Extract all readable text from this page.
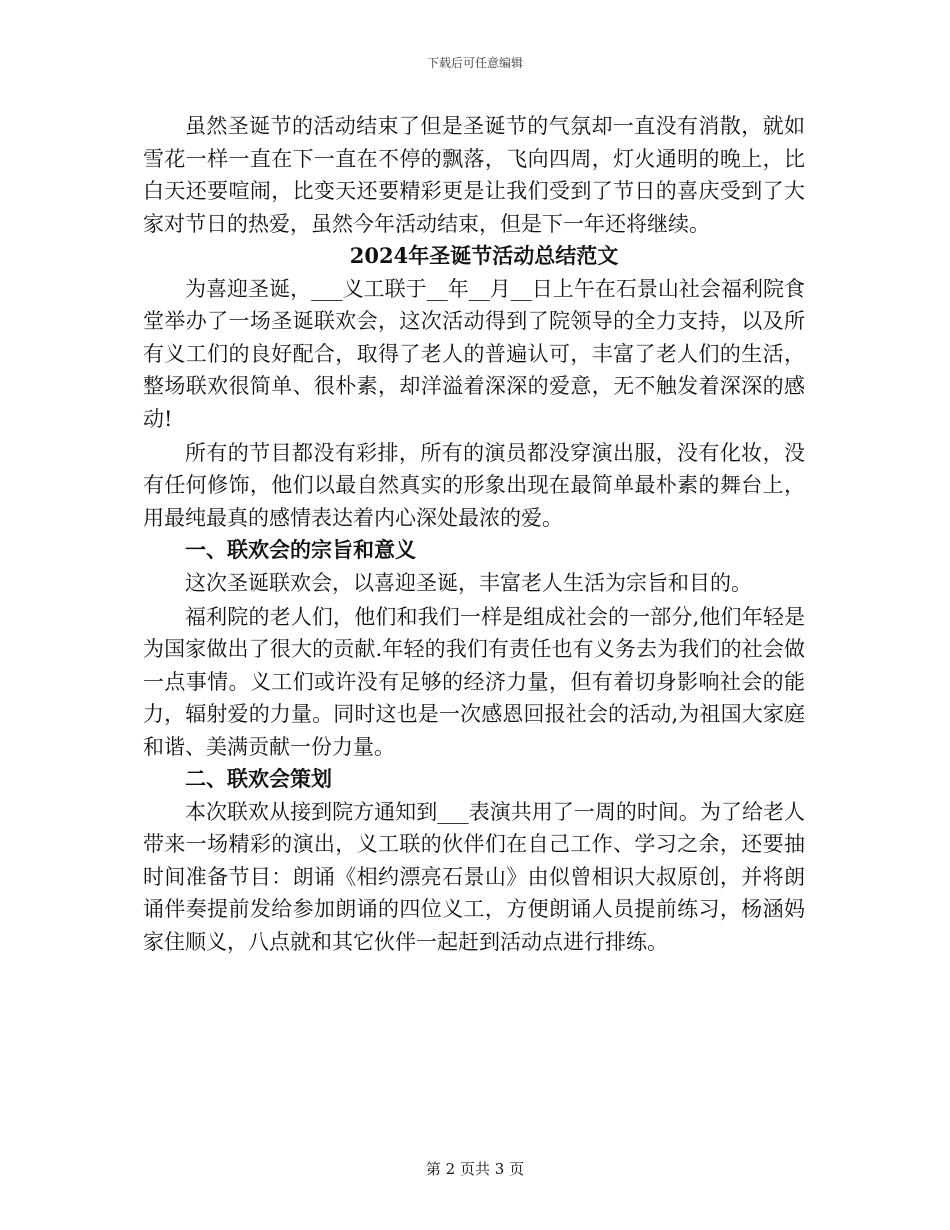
下载后可任意编辑

虽然圣诞节的活动结束了但是圣诞节的气氛却一直没有消散，就如雪花一样一直在下一直在不停的飘落，飞向四周，灯火通明的晚上，比白天还要喧闹，比变天还要精彩更是让我们受到了节日的喜庆受到了大家对节日的热爱，虽然今年活动结束，但是下一年还将继续。

2024年圣诞节活动总结范文

为喜迎圣诞，___义工联于__年__月__日上午在石景山社会福利院食堂举办了一场圣诞联欢会，这次活动得到了院领导的全力支持，以及所有义工们的良好配合，取得了老人的普遍认可，丰富了老人们的生活，整场联欢很简单、很朴素，却洋溢着深深的爱意，无不触发着深深的感动!

所有的节目都没有彩排，所有的演员都没穿演出服，没有化妆，没有任何修饰，他们以最自然真实的形象出现在最简单最朴素的舞台上，用最纯最真的感情表达着内心深处最浓的爱。

一、联欢会的宗旨和意义

这次圣诞联欢会，以喜迎圣诞，丰富老人生活为宗旨和目的。

福利院的老人们，他们和我们一样是组成社会的一部分,他们年轻是为国家做出了很大的贡献.年轻的我们有责任也有义务去为我们的社会做一点事情。义工们或许没有足够的经济力量，但有着切身影响社会的能力，辐射爱的力量。同时这也是一次感恩回报社会的活动,为祖国大家庭和谐、美满贡献一份力量。

二、联欢会策划

本次联欢从接到院方通知到___表演共用了一周的时间。为了给老人带来一场精彩的演出，义工联的伙伴们在自己工作、学习之余，还要抽时间准备节目：朗诵《相约漂亮石景山》由似曾相识大叔原创，并将朗诵伴奏提前发给参加朗诵的四位义工，方便朗诵人员提前练习，杨涵妈家住顺义，八点就和其它伙伴一起赶到活动点进行排练。

第 2 页共 3 页
